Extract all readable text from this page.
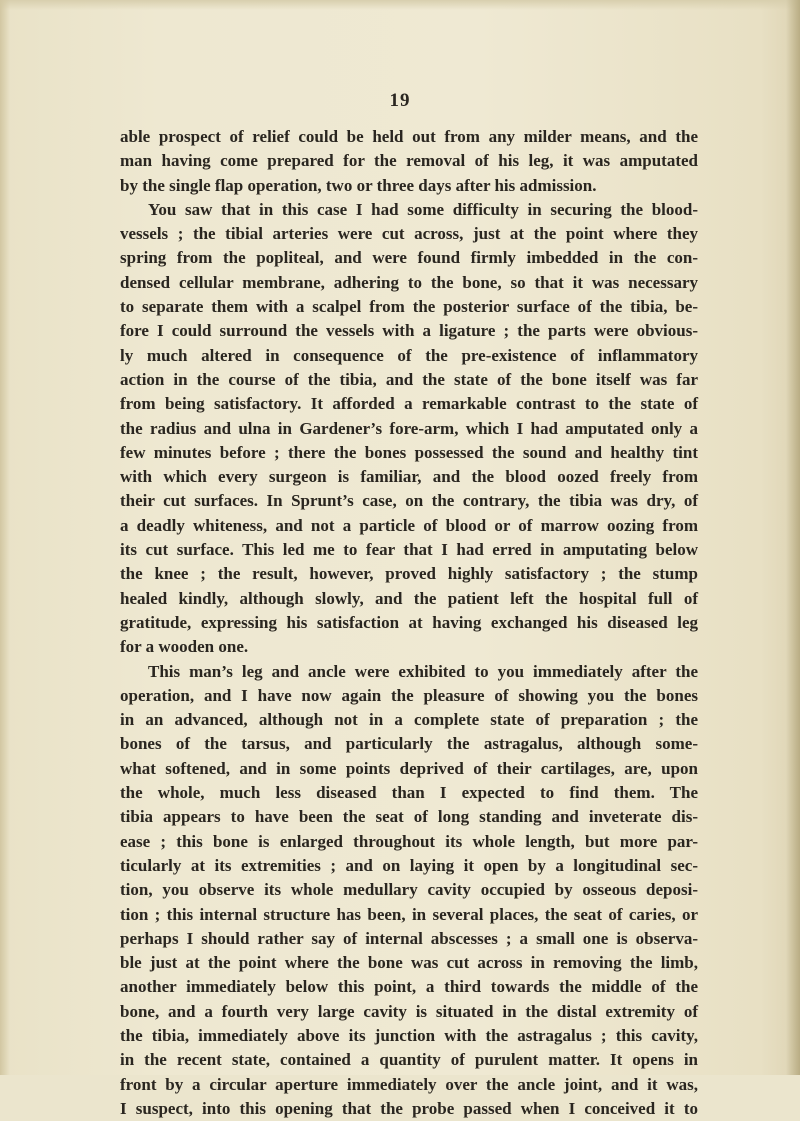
19
able prospect of relief could be held out from any milder means, and the
man having come prepared for the removal of his leg, it was amputated
by the single flap operation, two or three days after his admission.
You saw that in this case I had some difficulty in securing the blood-
vessels ; the tibial arteries were cut across, just at the point where they
spring from the popliteal, and were found firmly imbedded in the con-
densed cellular membrane, adhering to the bone, so that it was necessary
to separate them with a scalpel from the posterior surface of the tibia, be-
fore I could surround the vessels with a ligature ; the parts were obvious-
ly much altered in consequence of the pre-existence of inflammatory
action in the course of the tibia, and the state of the bone itself was far
from being satisfactory. It afforded a remarkable contrast to the state of
the radius and ulna in Gardener’s fore-arm, which I had amputated only a
few minutes before ; there the bones possessed the sound and healthy tint
with which every surgeon is familiar, and the blood oozed freely from
their cut surfaces. In Sprunt’s case, on the contrary, the tibia was dry, of
a deadly whiteness, and not a particle of blood or of marrow oozing from
its cut surface. This led me to fear that I had erred in amputating below
the knee ; the result, however, proved highly satisfactory ; the stump
healed kindly, although slowly, and the patient left the hospital full of
gratitude, expressing his satisfaction at having exchanged his diseased leg
for a wooden one.
This man’s leg and ancle were exhibited to you immediately after the
operation, and I have now again the pleasure of showing you the bones
in an advanced, although not in a complete state of preparation ; the
bones of the tarsus, and particularly the astragalus, although some-
what softened, and in some points deprived of their cartilages, are, upon
the whole, much less diseased than I expected to find them. The
tibia appears to have been the seat of long standing and inveterate dis-
ease ; this bone is enlarged throughout its whole length, but more par-
ticularly at its extremities ; and on laying it open by a longitudinal sec-
tion, you observe its whole medullary cavity occupied by osseous deposi-
tion ; this internal structure has been, in several places, the seat of caries, or
perhaps I should rather say of internal abscesses ; a small one is observa-
ble just at the point where the bone was cut across in removing the limb,
another immediately below this point, a third towards the middle of the
bone, and a fourth very large cavity is situated in the distal extremity of
the tibia, immediately above its junction with the astragalus ; this cavity,
in the recent state, contained a quantity of purulent matter. It opens in
front by a circular aperture immediately over the ancle joint, and it was,
I suspect, into this opening that the probe passed when I conceived it to
